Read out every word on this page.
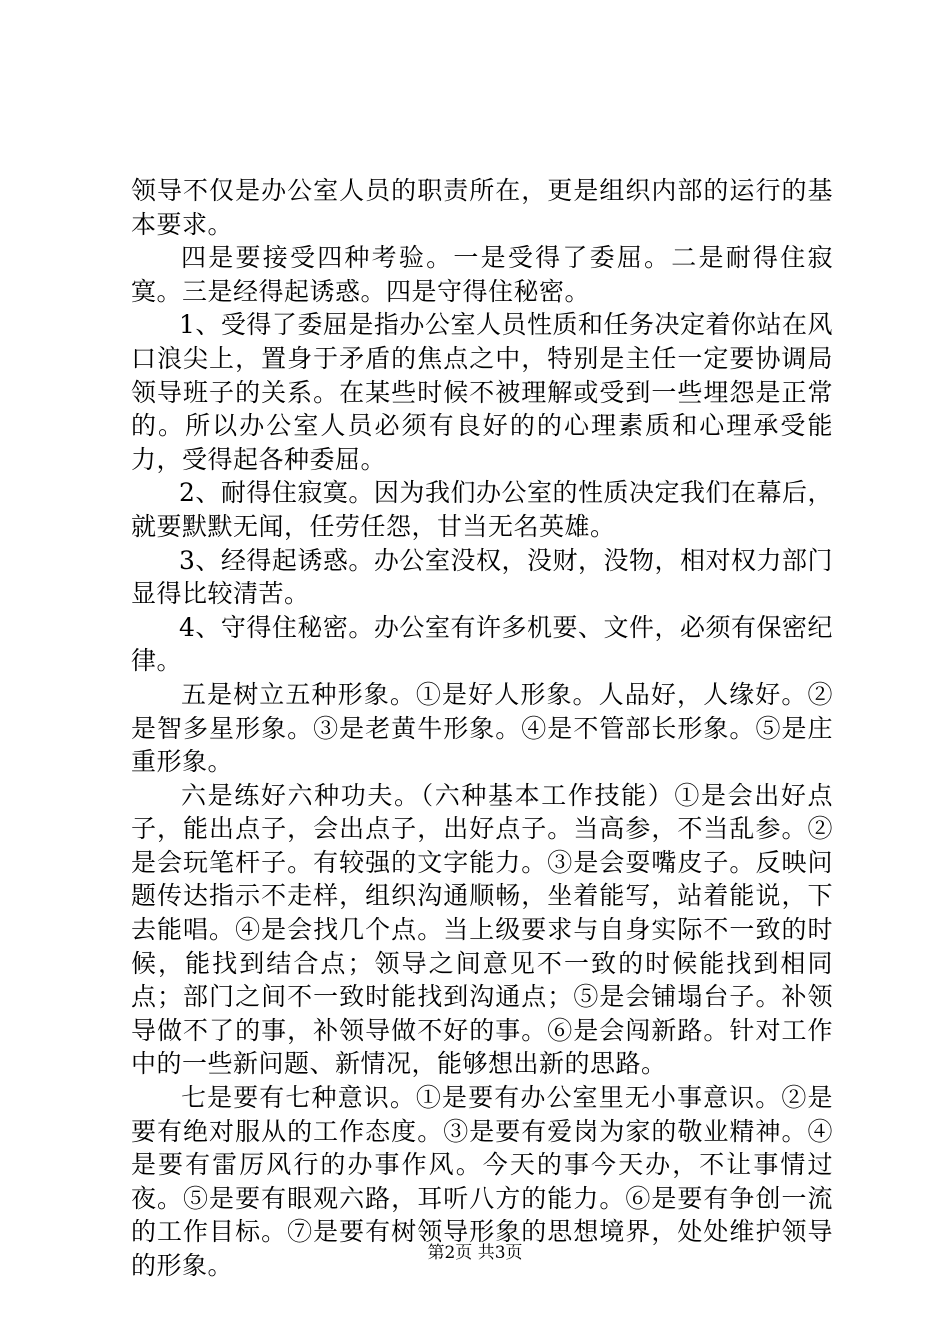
领导不仅是办公室人员的职责所在，更是组织内部的运行的基本要求。

四是要接受四种考验。一是受得了委屈。二是耐得住寂寞。三是经得起诱惑。四是守得住秘密。

1、受得了委屈是指办公室人员性质和任务决定着你站在风口浪尖上，置身于矛盾的焦点之中，特别是主任一定要协调局领导班子的关系。在某些时候不被理解或受到一些埋怨是正常的。所以办公室人员必须有良好的的心理素质和心理承受能力，受得起各种委屈。

2、耐得住寂寞。因为我们办公室的性质决定我们在幕后，就要默默无闻，任劳任怨，甘当无名英雄。

3、经得起诱惑。办公室没权，没财，没物，相对权力部门显得比较清苦。

4、守得住秘密。办公室有许多机要、文件，必须有保密纪律。

五是树立五种形象。①是好人形象。人品好，人缘好。②是智多星形象。③是老黄牛形象。④是不管部长形象。⑤是庄重形象。

六是练好六种功夫。（六种基本工作技能）①是会出好点子，能出点子，会出点子，出好点子。当高参，不当乱参。②是会玩笔杆子。有较强的文字能力。③是会耍嘴皮子。反映问题传达指示不走样，组织沟通顺畅，坐着能写，站着能说，下去能唱。④是会找几个点。当上级要求与自身实际不一致的时候，能找到结合点；领导之间意见不一致的时候能找到相同点；部门之间不一致时能找到沟通点；⑤是会铺塌台子。补领导做不了的事，补领导做不好的事。⑥是会闯新路。针对工作中的一些新问题、新情况，能够想出新的思路。

七是要有七种意识。①是要有办公室里无小事意识。②是要有绝对服从的工作态度。③是要有爱岗为家的敬业精神。④是要有雷厉风行的办事作风。今天的事今天办，不让事情过夜。⑤是要有眼观六路，耳听八方的能力。⑥是要有争创一流的工作目标。⑦是要有树领导形象的思想境界，处处维护领导的形象。	第2页 共3页
